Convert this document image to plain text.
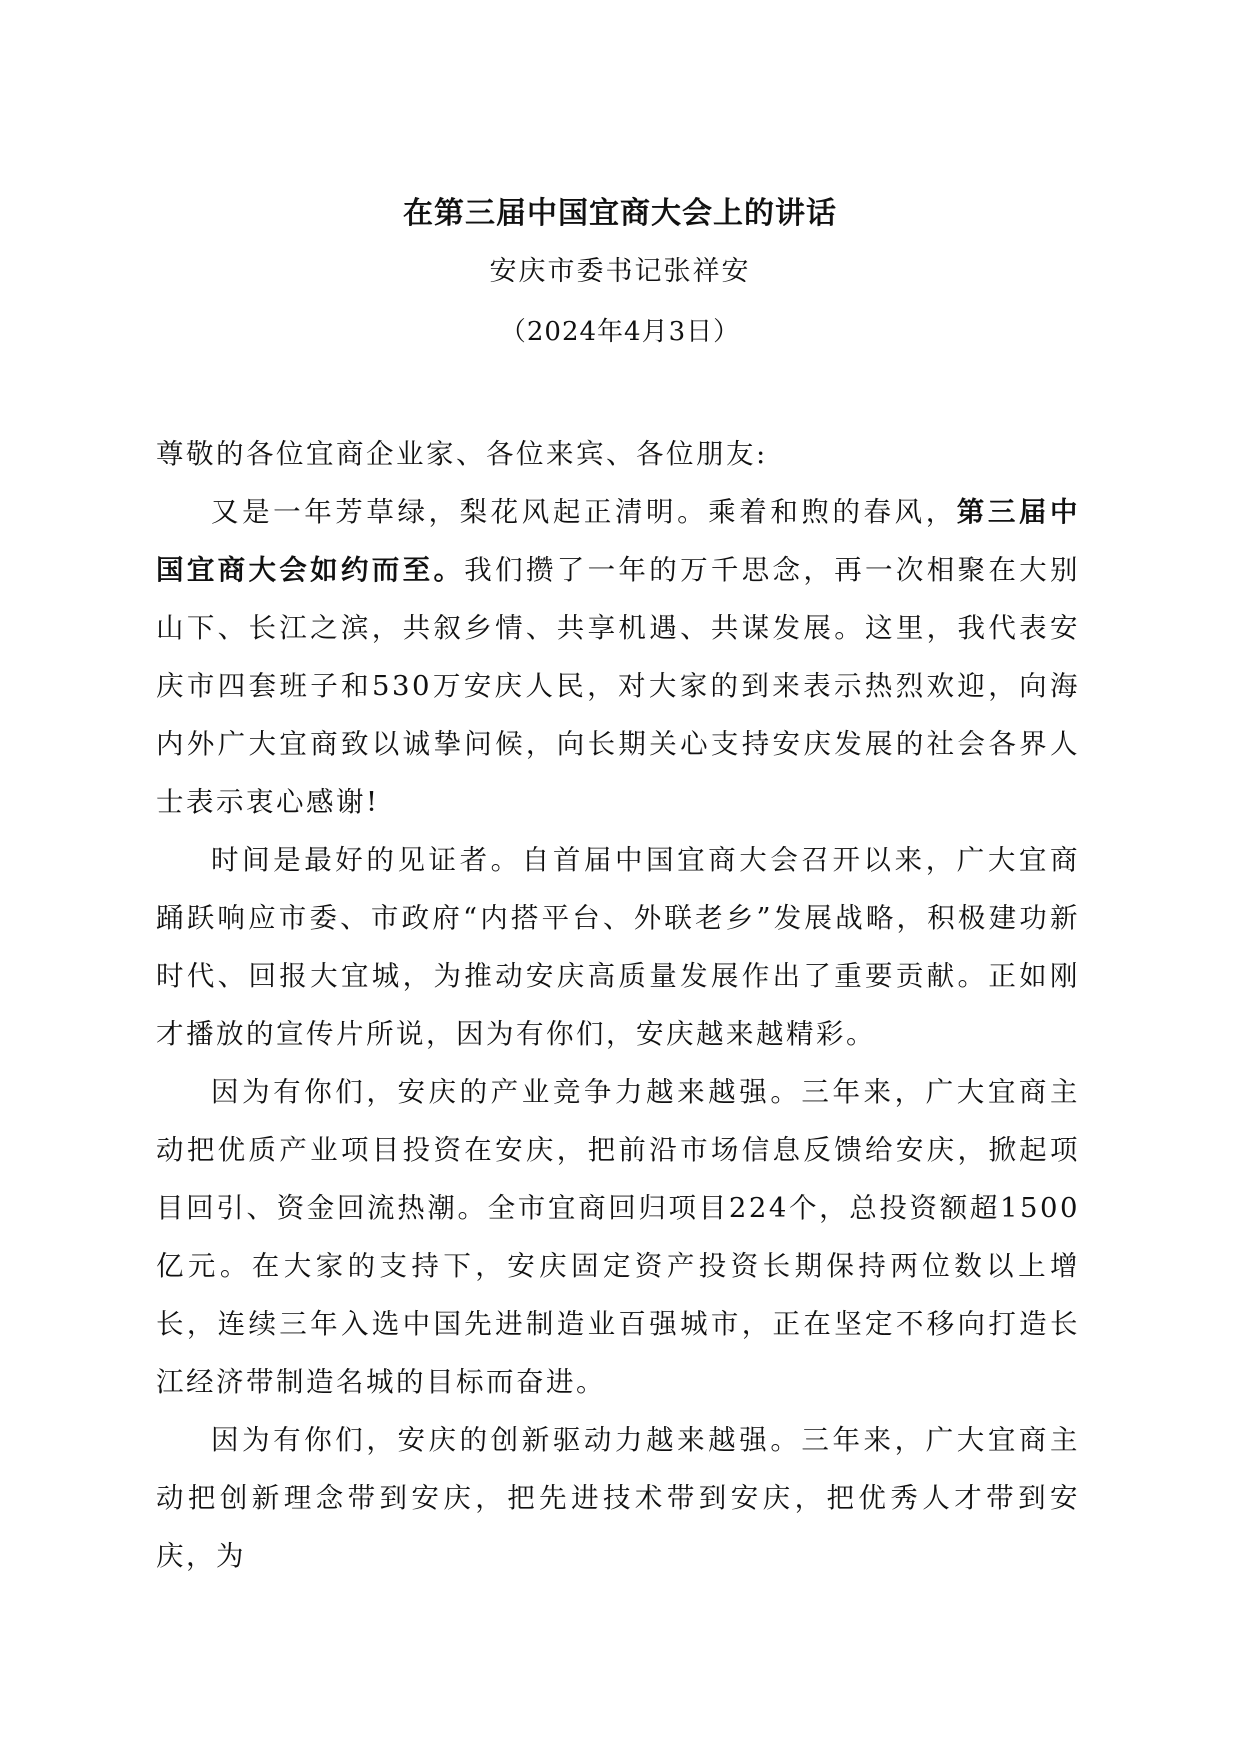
在第三届中国宜商大会上的讲话
安庆市委书记张祥安
（2024年4月3日）

尊敬的各位宜商企业家、各位来宾、各位朋友:

又是一年芳草绿，梨花风起正清明。乘着和煦的春风，第三届中国宜商大会如约而至。我们攒了一年的万千思念，再一次相聚在大别山下、长江之滨，共叙乡情、共享机遇、共谋发展。这里，我代表安庆市四套班子和530万安庆人民，对大家的到来表示热烈欢迎，向海内外广大宜商致以诚挚问候，向长期关心支持安庆发展的社会各界人士表示衷心感谢!

时间是最好的见证者。自首届中国宜商大会召开以来，广大宜商踊跃响应市委、市政府“内搭平台、外联老乡”发展战略，积极建功新时代、回报大宜城，为推动安庆高质量发展作出了重要贡献。正如刚才播放的宣传片所说，因为有你们，安庆越来越精彩。

因为有你们，安庆的产业竞争力越来越强。三年来，广大宜商主动把优质产业项目投资在安庆，把前沿市场信息反馈给安庆，掀起项目回引、资金回流热潮。全市宜商回归项目224个，总投资额超1500亿元。在大家的支持下，安庆固定资产投资长期保持两位数以上增长，连续三年入选中国先进制造业百强城市，正在坚定不移向打造长江经济带制造名城的目标而奋进。

因为有你们，安庆的创新驱动力越来越强。三年来，广大宜商主动把创新理念带到安庆，把先进技术带到安庆，把优秀人才带到安庆，为
